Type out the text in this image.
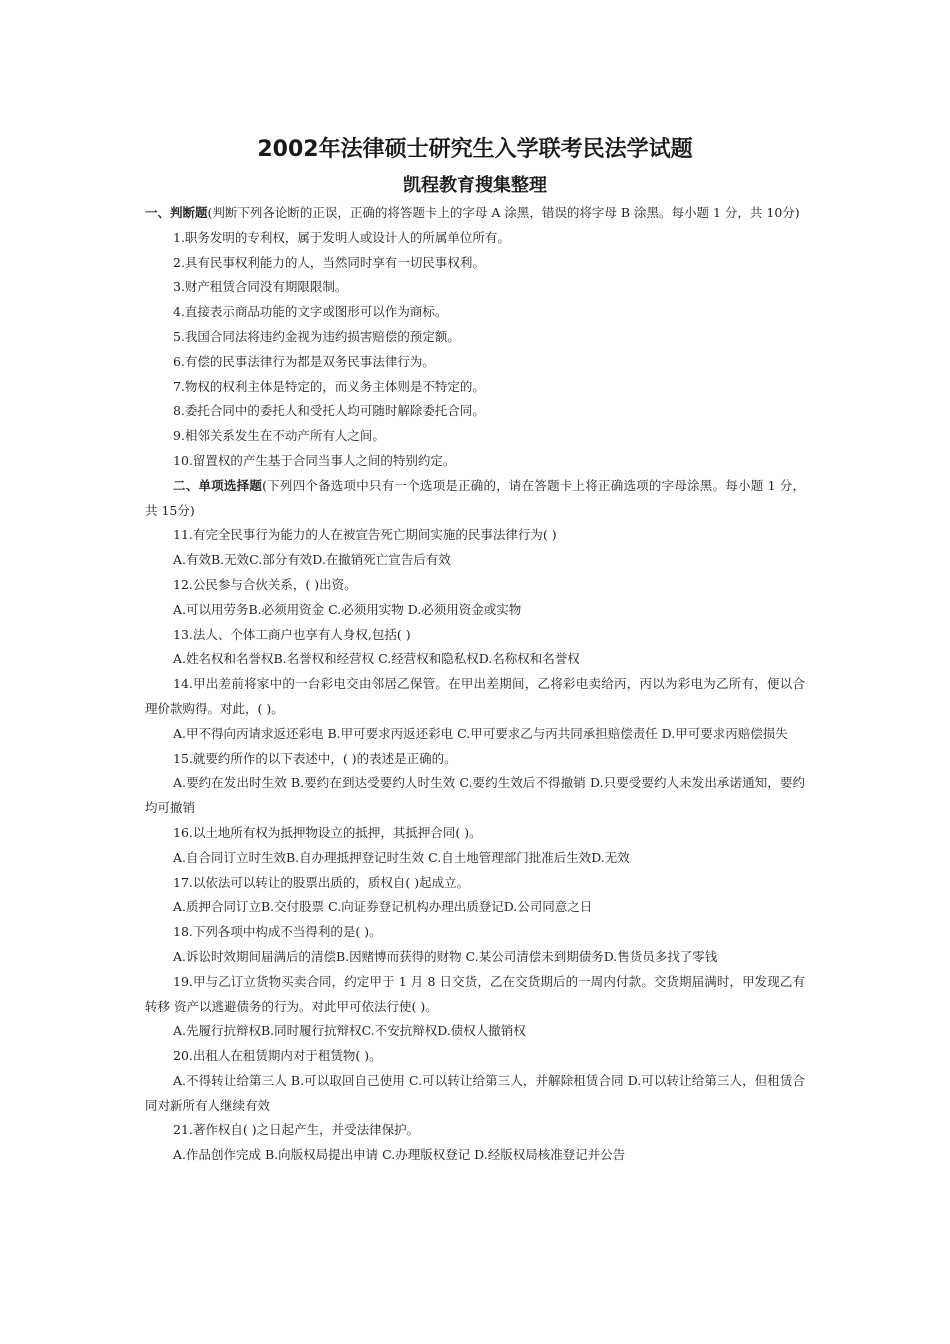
2002年法律硕士研究生入学联考民法学试题
凯程教育搜集整理
一、判断题(判断下列各论断的正误，正确的将答题卡上的字母 A 涂黑，错误的将字母 B 涂黑。每小题 1 分，共 10分)
1.职务发明的专利权，属于发明人或设计人的所属单位所有。
2.具有民事权利能力的人，当然同时享有一切民事权利。
3.财产租赁合同没有期限限制。
4.直接表示商品功能的文字或图形可以作为商标。
5.我国合同法将违约金视为违约损害赔偿的预定额。
6.有偿的民事法律行为都是双务民事法律行为。
7.物权的权利主体是特定的，而义务主体则是不特定的。
8.委托合同中的委托人和受托人均可随时解除委托合同。
9.相邻关系发生在不动产所有人之间。
10.留置权的产生基于合同当事人之间的特别约定。
二、单项选择题(下列四个备选项中只有一个选项是正确的，请在答题卡上将正确选项的字母涂黑。每小题 1 分，共 15分)
11.有完全民事行为能力的人在被宣告死亡期间实施的民事法律行为( )
A.有效B.无效C.部分有效D.在撤销死亡宣告后有效
12.公民参与合伙关系，( )出资。
A.可以用劳务B.必须用资金 C.必须用实物 D.必须用资金或实物
13.法人、个体工商户也享有人身权,包括( )
A.姓名权和名誉权B.名誉权和经营权 C.经营权和隐私权D.名称权和名誉权
14.甲出差前将家中的一台彩电交由邻居乙保管。在甲出差期间，乙将彩电卖给丙，丙以为彩电为乙所有，便以合理价款购得。对此，( )。
A.甲不得向丙请求返还彩电 B.甲可要求丙返还彩电 C.甲可要求乙与丙共同承担赔偿责任 D.甲可要求丙赔偿损失
15.就要约所作的以下表述中，( )的表述是正确的。
A.要约在发出时生效 B.要约在到达受要约人时生效 C.要约生效后不得撤销 D.只要受要约人未发出承诺通知，要约均可撤销
16.以土地所有权为抵押物设立的抵押，其抵押合同( )。
A.自合同订立时生效B.自办理抵押登记时生效 C.自土地管理部门批准后生效D.无效
17.以依法可以转让的股票出质的，质权自( )起成立。
A.质押合同订立B.交付股票 C.向证券登记机构办理出质登记D.公司同意之日
18.下列各项中构成不当得利的是( )。
A.诉讼时效期间届满后的清偿B.因赌博而获得的财物 C.某公司清偿未到期债务D.售货员多找了零钱
19.甲与乙订立货物买卖合同，约定甲于 1 月 8 日交货，乙在交货期后的一周内付款。交货期届满时，甲发现乙有转移 资产以逃避债务的行为。对此甲可依法行使( )。
A.先履行抗辩权B.同时履行抗辩权C.不安抗辩权D.债权人撤销权
20.出租人在租赁期内对于租赁物( )。
A.不得转让给第三人 B.可以取回自己使用 C.可以转让给第三人，并解除租赁合同 D.可以转让给第三人，但租赁合同对新所有人继续有效
21.著作权自( )之日起产生，并受法律保护。
A.作品创作完成 B.向版权局提出申请 C.办理版权登记 D.经版权局核准登记并公告
